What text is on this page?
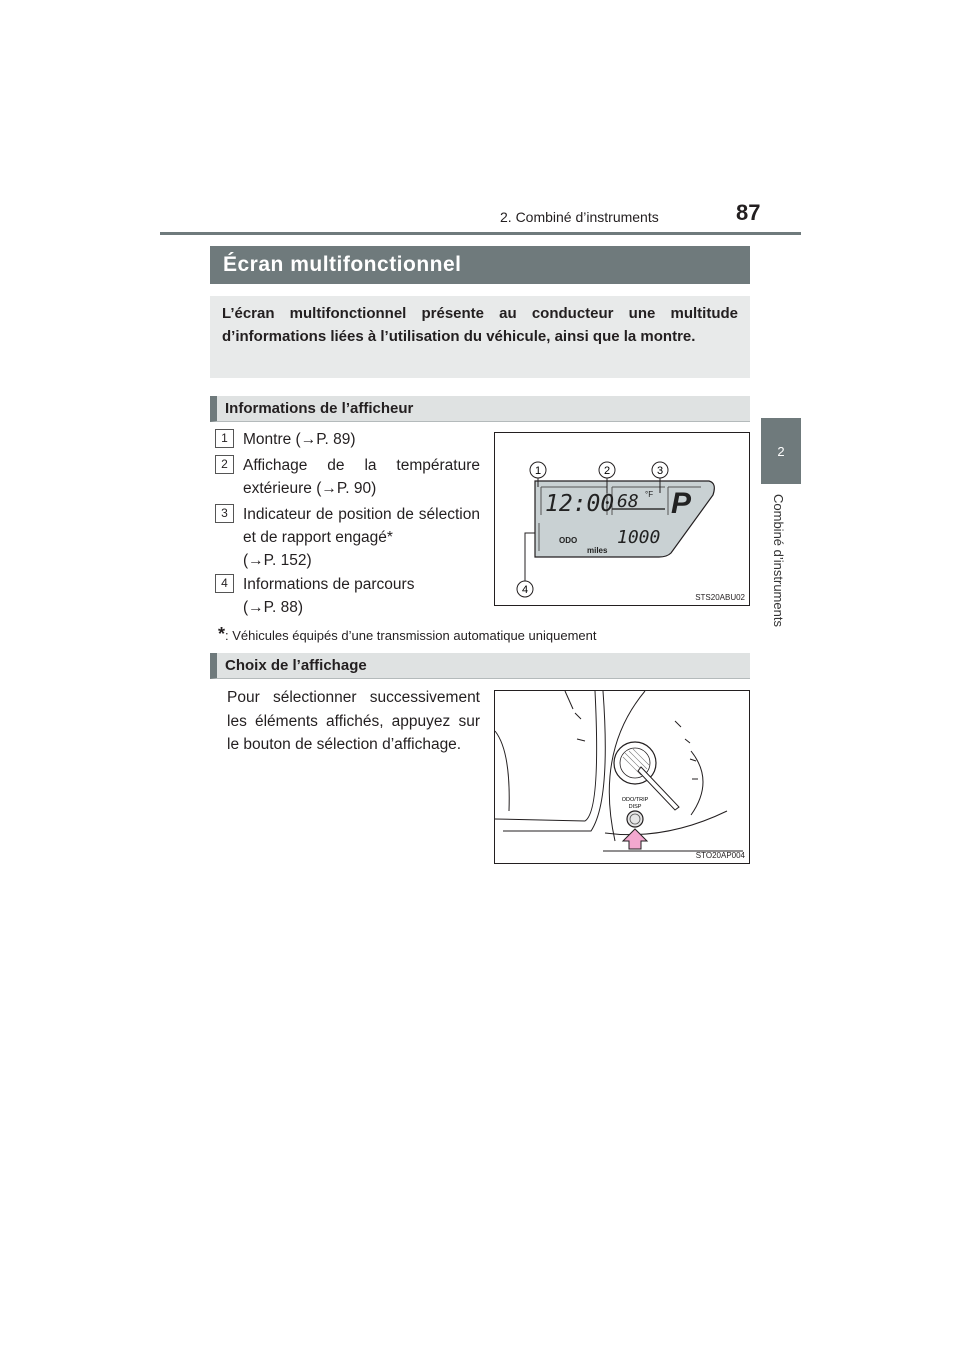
2. Combiné d’instruments	87
2
Combiné d’instruments
Écran multifonctionnel
L’écran multifonctionnel présente au conducteur une multitude d’informations liées à l’utilisation du véhicule, ainsi que la montre.
Informations de l’afficheur
1 Montre (→P. 89)
2 Affichage de la température extérieure (→P. 90)
3 Indicateur de position de sélection et de rapport engagé*
(→P. 152)
4 Informations de parcours
(→P. 88)
*: Véhicules équipés d’une transmission automatique uniquement
1	2	3
4
12:00 68 °F P
ODO 1000
miles
STS20ABU02
Choix de l’affichage
Pour sélectionner successivement les éléments affichés, appuyez sur le bouton de sélection d’affichage.
ODO/TRIP
DISP
STO20AP004
